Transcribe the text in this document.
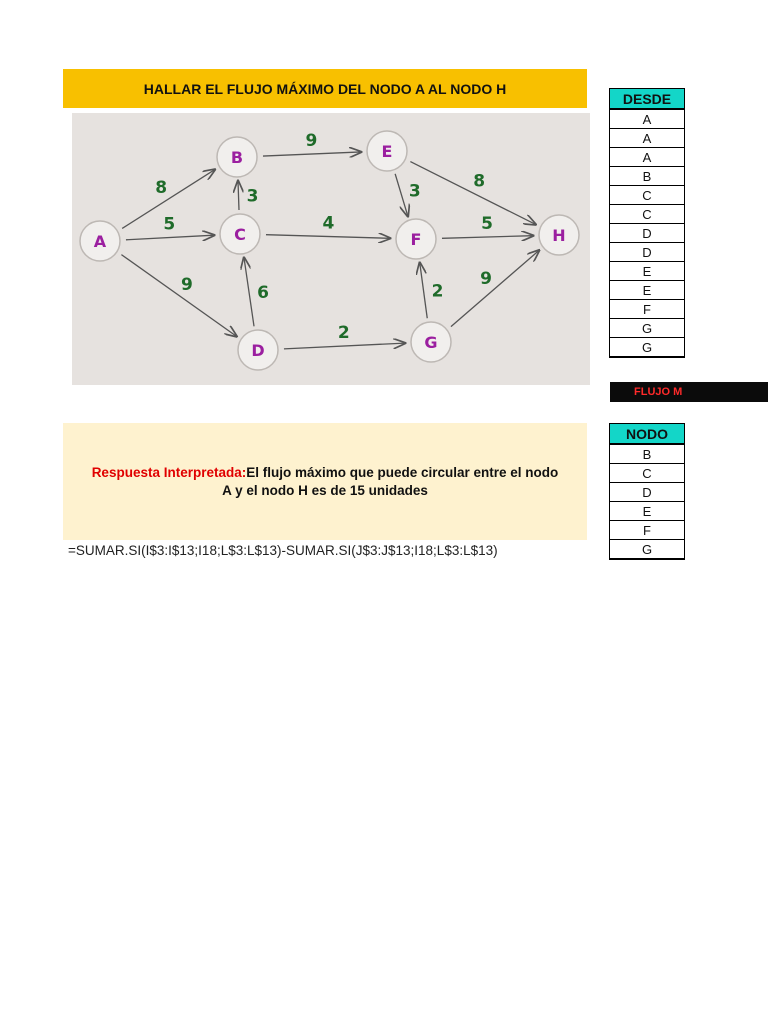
HALLAR EL FLUJO MÁXIMO DEL NODO A AL NODO H
8
5
9
9
3
4
6
2
8
3
5
2
9
A
B
C
D
E
F
G
H
DESDE
A
A
A
B
C
C
D
D
E
E
F
G
G
FLUJO M
Respuesta Interpretada:El flujo máximo que puede circular entre el nodo
A y el nodo H es de 15 unidades
=SUMAR.SI(I$3:I$13;I18;L$3:L$13)-SUMAR.SI(J$3:J$13;I18;L$3:L$13)
NODO
B
C
D
E
F
G
